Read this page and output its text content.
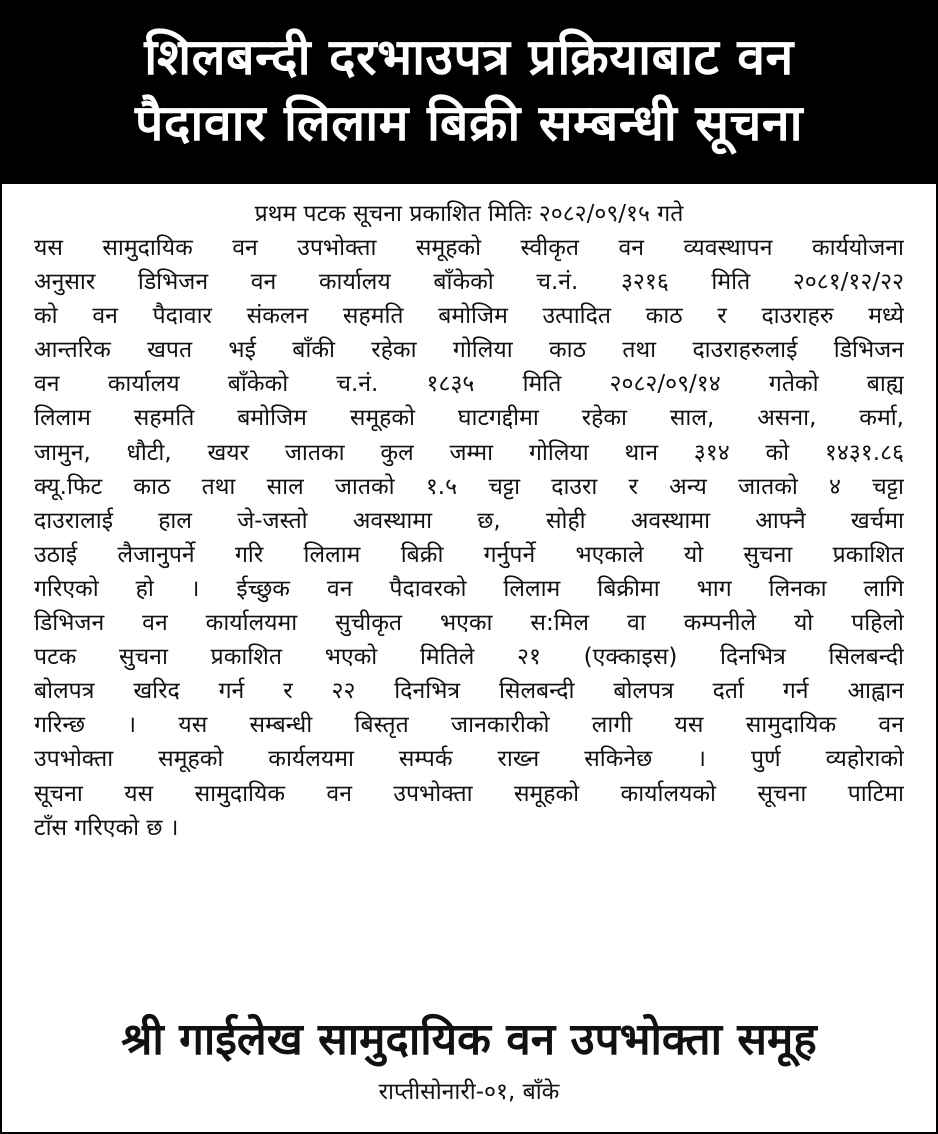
शिलबन्दी दरभाउपत्र प्रक्रियाबाट वन
पैदावार लिलाम बिक्री सम्बन्धी सूचना
प्रथम पटक सूचना प्रकाशित मितिः २०८२/०९/१५ गते
यस सामुदायिक वन उपभोक्ता समूहको स्वीकृत वन व्यवस्थापन कार्ययोजना
अनुसार डिभिजन वन कार्यालय बाँकेको च.नं. ३२१६ मिति २०८१/१२/२२
को वन पैदावार संकलन सहमति बमोजिम उत्पादित काठ र दाउराहरु मध्ये
आन्तरिक खपत भई बाँकी रहेका गोलिया काठ तथा दाउराहरुलाई डिभिजन
वन कार्यालय बाँकेको च.नं. १८३५ मिति २०८२/०९/१४ गतेको बाह्य
लिलाम सहमति बमोजिम समूहको घाटगद्दीमा रहेका साल, असना, कर्मा,
जामुन, धौटी, खयर जातका कुल जम्मा गोलिया थान ३१४ को १४३१.८६
क्यू.फिट काठ तथा साल जातको १.५ चट्टा दाउरा र अन्य जातको ४ चट्टा
दाउरालाई हाल जे-जस्तो अवस्थामा छ, सोही अवस्थामा आफ्नै खर्चमा
उठाई लैजानुपर्ने गरि लिलाम बिक्री गर्नुपर्ने भएकाले यो सुचना प्रकाशित
गरिएको हो । ईच्छुक वन पैदावरको लिलाम बिक्रीमा भाग लिनका लागि
डिभिजन वन कार्यालयमा सुचीकृत भएका स:मिल वा कम्पनीले यो पहिलो
पटक सुचना प्रकाशित भएको मितिले २१ (एक्काइस) दिनभित्र सिलबन्दी
बोलपत्र खरिद गर्न र २२ दिनभित्र सिलबन्दी बोलपत्र दर्ता गर्न आह्वान
गरिन्छ । यस सम्बन्धी बिस्तृत जानकारीको लागी यस सामुदायिक वन
उपभोक्ता समूहको कार्यलयमा सम्पर्क राख्न सकिनेछ । पुर्ण व्यहोराको
सूचना यस सामुदायिक वन उपभोक्ता समूहको कार्यालयको सूचना पाटिमा
टाँस गरिएको छ ।
श्री गाईलेख सामुदायिक वन उपभोक्ता समूह
राप्तीसोनारी-०१, बाँके
